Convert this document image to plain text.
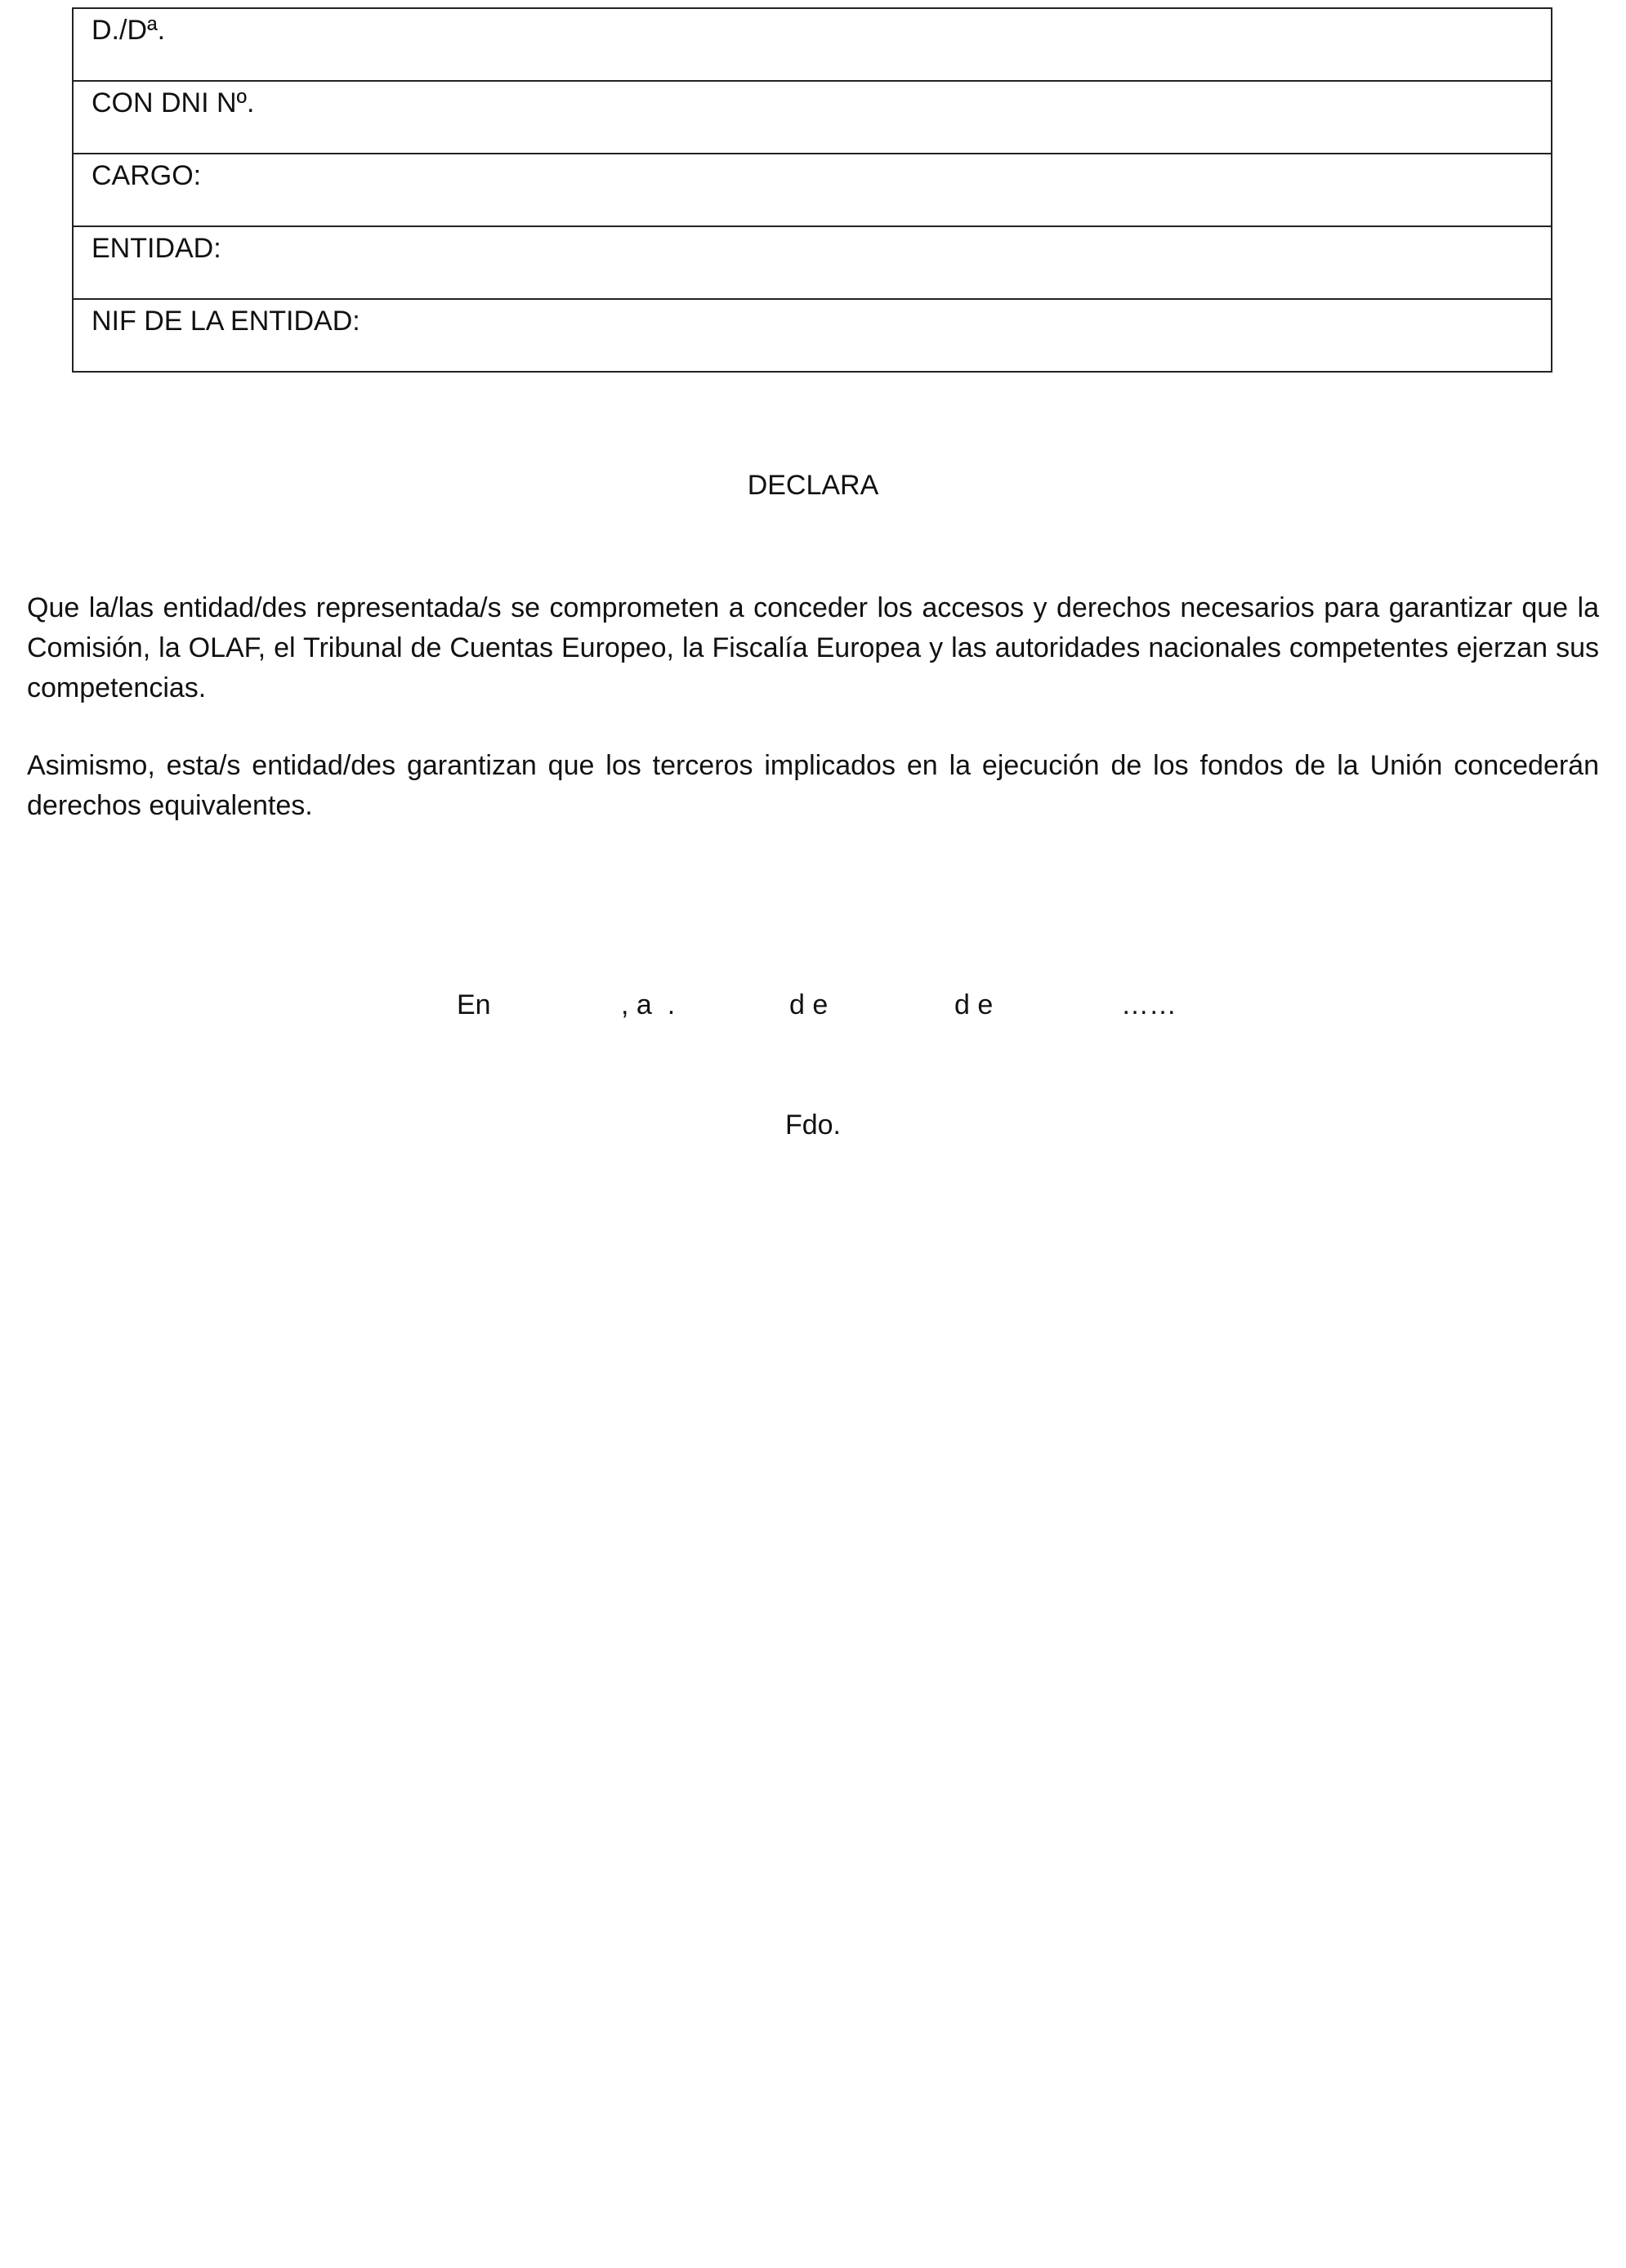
D./Dª.
CON DNI Nº.
CARGO:
ENTIDAD:
NIF DE LA ENTIDAD:
DECLARA

Que la/las entidad/des representada/s se comprometen a conceder los accesos y derechos necesarios para garantizar que la Comisión, la OLAF, el Tribunal de Cuentas Europeo, la Fiscalía Europea y las autoridades nacionales competentes ejerzan sus competencias.

Asimismo, esta/s entidad/des garantizan que los terceros implicados en la ejecución de los fondos de la Unión concederán derechos equivalentes.

En	, a  .	d e	d e	……

Fdo.
